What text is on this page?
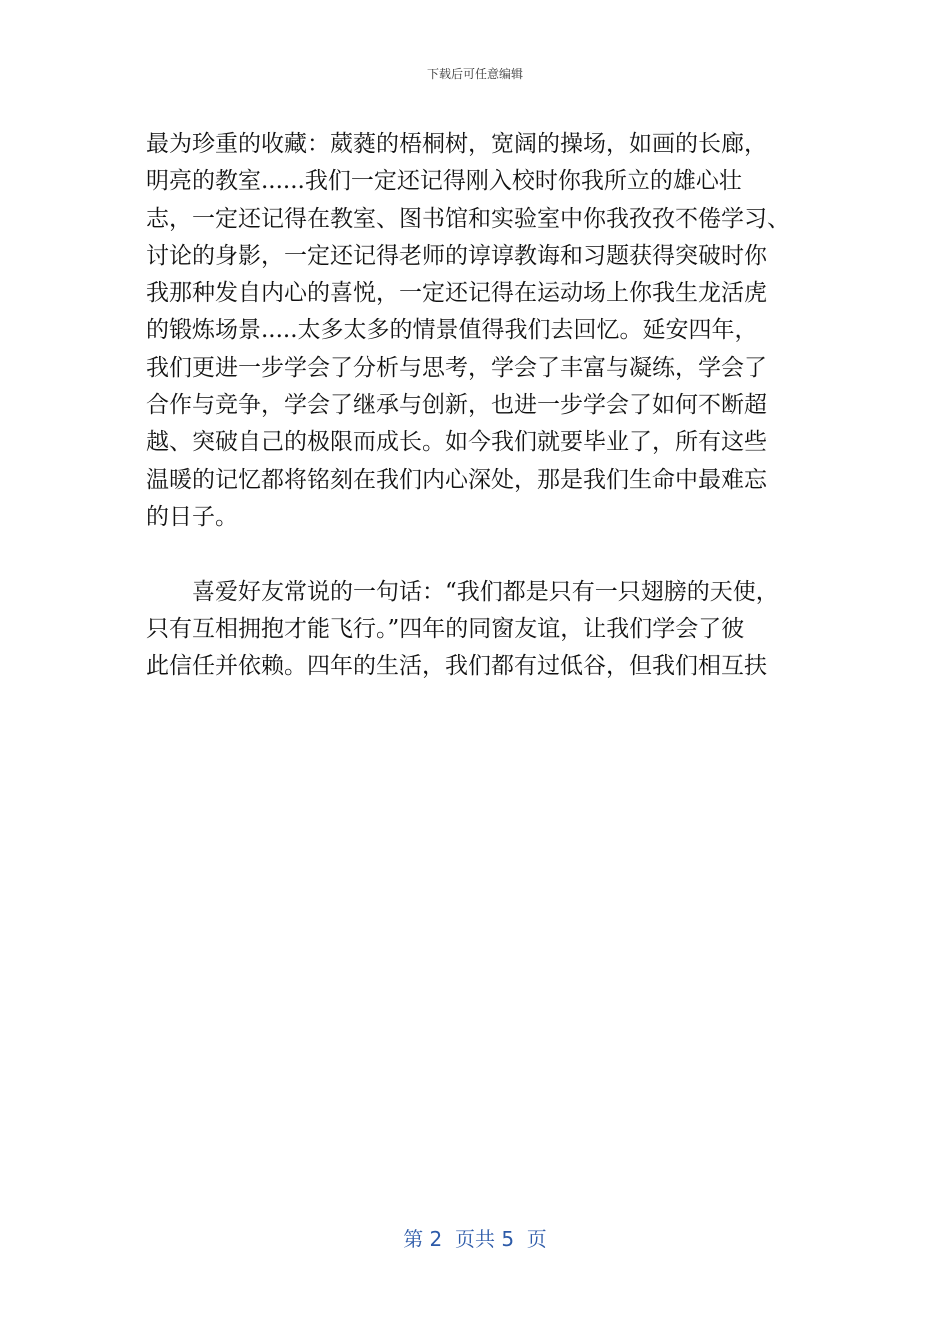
下载后可任意编辑

最为珍重的收藏：葳蕤的梧桐树，宽阔的操场，如画的长廊，

明亮的教室......我们一定还记得刚入校时你我所立的雄心壮

志，一定还记得在教室、图书馆和实验室中你我孜孜不倦学习、

讨论的身影，一定还记得老师的谆谆教诲和习题获得突破时你

我那种发自内心的喜悦，一定还记得在运动场上你我生龙活虎

的锻炼场景.....太多太多的情景值得我们去回忆。延安四年，

我们更进一步学会了分析与思考，学会了丰富与凝练，学会了

合作与竞争，学会了继承与创新，也进一步学会了如何不断超

越、突破自己的极限而成长。如今我们就要毕业了，所有这些

温暖的记忆都将铭刻在我们内心深处，那是我们生命中最难忘

的日子。

喜爱好友常说的一句话：“我们都是只有一只翅膀的天使，

只有互相拥抱才能飞行。”四年的同窗友谊，让我们学会了彼

此信任并依赖。四年的生活，我们都有过低谷，但我们相互扶

第 2  页共 5  页
